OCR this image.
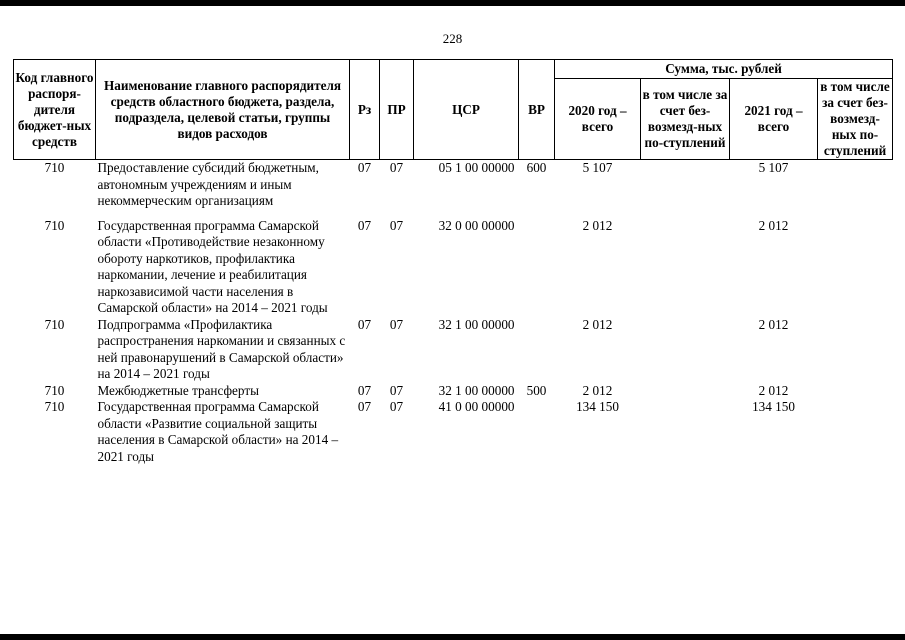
228
Код главного распоря-дителя бюджет-ных средств	Наименование главного распорядителя средств областного бюджета, раздела, подраздела, целевой статьи, группы видов расходов	Рз	ПР	ЦСР	ВР	Сумма, тыс. рублей			
						2020 год – всего	в том числе за счет без-возмезд-ных по-ступлений	2021 год – всего	в том числе за счет без-возмезд-ных по-ступлений
710	Предоставление субсидий бюджетным, автономным учреждениям и иным некоммерческим организациям	07	07	05 1 00 00000	600	5 107		5 107	
710	Государственная программа Самарской области «Противодействие незаконному обороту наркотиков, профилактика наркомании, лечение и реабилитация наркозависимой части населения в Самарской области» на 2014 – 2021 годы	07	07	32 0 00 00000		2 012		2 012	
710	Подпрограмма «Профилактика распространения наркомании и связанных с ней правонарушений в Самарской области» на 2014 – 2021 годы	07	07	32 1 00 00000		2 012		2 012	
710	Межбюджетные трансферты	07	07	32 1 00 00000	500	2 012		2 012	
710	Государственная программа Самарской области «Развитие социальной защиты населения в Самарской области» на 2014 – 2021 годы	07	07	41 0 00 00000		134 150		134 150	
